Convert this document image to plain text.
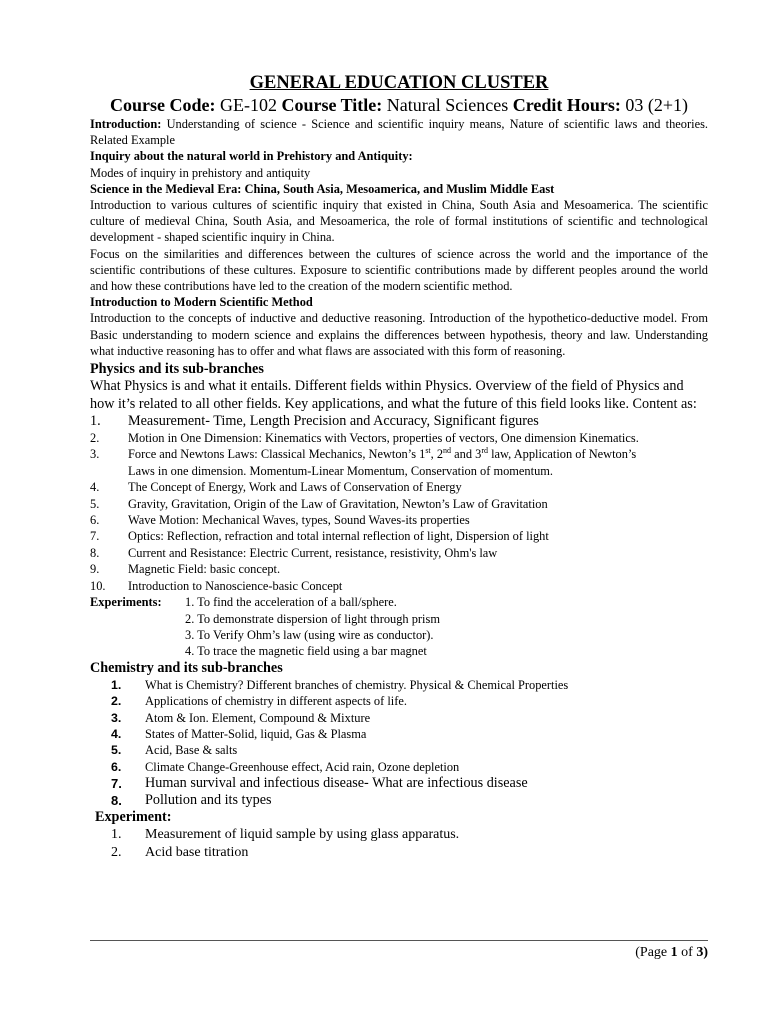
GENERAL EDUCATION CLUSTER
Course Code: GE-102 Course Title: Natural Sciences Credit Hours: 03 (2+1)

Introduction: Understanding of science - Science and scientific inquiry means, Nature of scientific laws and theories. Related Example

Inquiry about the natural world in Prehistory and Antiquity:

Modes of inquiry in prehistory and antiquity

Science in the Medieval Era: China, South Asia, Mesoamerica, and Muslim Middle East

Introduction to various cultures of scientific inquiry that existed in China, South Asia and Mesoamerica. The scientific culture of medieval China, South Asia, and Mesoamerica, the role of formal institutions of scientific and technological development - shaped scientific inquiry in China.

Focus on the similarities and differences between the cultures of science across the world and the importance of the scientific contributions of these cultures. Exposure to scientific contributions made by different peoples around the world and how these contributions have led to the creation of the modern scientific method.

Introduction to Modern Scientific Method

Introduction to the concepts of inductive and deductive reasoning. Introduction of the hypothetico-deductive model. From Basic understanding to modern science and explains the differences between hypothesis, theory and law. Understanding what inductive reasoning has to offer and what flaws are associated with this form of reasoning.

Physics and its sub-branches

What Physics is and what it entails. Different fields within Physics. Overview of the field of Physics and how it’s related to all other fields. Key applications, and what the future of this field looks like. Content as:

1.	Measurement- Time, Length Precision and Accuracy, Significant figures
2.	Motion in One Dimension: Kinematics with Vectors, properties of vectors, One dimension Kinematics.
3.	Force and Newtons Laws: Classical Mechanics, Newton’s 1st, 2nd and 3rd law, Application of Newton’s

Laws in one dimension. Momentum-Linear Momentum, Conservation of momentum.

4.	The Concept of Energy, Work and Laws of Conservation of Energy
5.	Gravity, Gravitation, Origin of the Law of Gravitation, Newton’s Law of Gravitation
6.	Wave Motion: Mechanical Waves, types, Sound Waves-its properties
7.	Optics: Reflection, refraction and total internal reflection of light, Dispersion of light
8.	Current and Resistance: Electric Current, resistance, resistivity, Ohm's law
9.	Magnetic Field: basic concept.
10.	Introduction to Nanoscience-basic Concept
Experiments:	1. To find the acceleration of a ball/sphere.
2. To demonstrate dispersion of light through prism
3. To Verify Ohm’s law (using wire as conductor).
4. To trace the magnetic field using a bar magnet

Chemistry and its sub-branches

1.	What is Chemistry? Different branches of chemistry. Physical & Chemical Properties
2.	Applications of chemistry in different aspects of life.
3.	Atom & Ion. Element, Compound & Mixture
4.	States of Matter-Solid, liquid, Gas & Plasma
5.	Acid, Base & salts
6.	Climate Change-Greenhouse effect, Acid rain, Ozone depletion
7.	Human survival and infectious disease- What are infectious disease
8.	Pollution and its types
Experiment:
1.	Measurement of liquid sample by using glass apparatus.
2.	Acid base titration
(Page 1 of 3)
